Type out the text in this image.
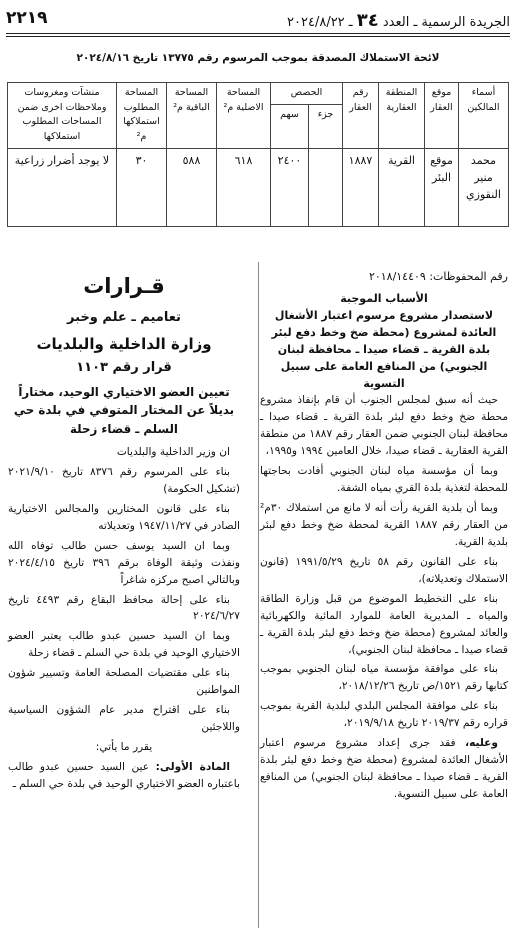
٢٢١٩	الجريدة الرسمية ـ العدد ٣٤ ـ ٢٠٢٤/٨/٢٢
لائحة الاستملاك المصدقة بموجب المرسوم رقم ١٣٧٧٥ تاريخ ٢٠٢٤/٨/١٦
أسماء المالكين	موقع العقار	المنطقة العقارية	رقم العقار	الحصص		المساحة الاصلية م²	المساحة الباقية م²	المساحة المطلوب استملاكها م²	منشآت ومغروسات وملاحظات اخرى ضمن المساحات المطلوب استملاكها
				جزء	سهم				
محمد منير النقوزي	موقع البئر	القرية	١٨٨٧		٢٤٠٠	٦١٨	٥٨٨	٣٠	لا يوجد أضرار زراعية
رقم المحفوظات: ٢٠١٨/١٤٤٠٩
الأسباب الموجبة
لاستصدار مشروع مرسوم اعتبار الأشغال العائدة لمشروع (محطة ضخ وخط دفع لبئر بلدة القرية ـ قضاء صيدا ـ محافظة لبنان الجنوبي) من المنافع العامة على سبيل التسوية

حيث أنه سبق لمجلس الجنوب أن قام بإنفاذ مشروع محطة ضخ وخط دفع لبئر بلدة القرية ـ قضاء صيدا ـ محافظة لبنان الجنوبي ضمن العقار رقم ١٨٨٧ من منطقة القرية العقارية ـ قضاء صيدا، خلال العامين ١٩٩٤ و١٩٩٥،

وبما أن مؤسسة مياه لبنان الجنوبي أفادت بحاجتها للمحطة لتغذية بلدة القري بمياه الشفة.

وبما أن بلدية القرية رأت أنه لا مانع من استملاك ٣٠م² من العقار رقم ١٨٨٧ القرية لمحطة ضخ وخط دفع لبئر بلدية القرية.

بناء على القانون رقم ٥٨ تاريخ ١٩٩١/٥/٢٩ (قانون الاستملاك وتعديلاته)،

بناء على التخطيط الموضوع من قبل وزارة الطاقة والمياه ـ المديرية العامة للموارد المائية والكهربائية والعائد لمشروع (محطة ضخ وخط دفع لبئر بلدة القرية ـ قضاء صيدا ـ محافظة لبنان الجنوبي)،

بناء على موافقة مؤسسة مياه لبنان الجنوبي بموجب كتابها رقم ١٥٢١/ص تاريخ ٢٠١٨/١٢/٢٦،

بناء على موافقة المجلس البلدي لبلدية القرية بموجب قراره رقم ٢٠١٩/٣٧ تاريخ ٢٠١٩/٩/١٨،

وعليه، فقد جرى إعداد مشروع مرسوم اعتبار الأشغال العائدة لمشروع (محطة ضخ وخط دفع لبئر بلدة القرية ـ قضاء صيدا ـ محافظة لبنان الجنوبي) من المنافع العامة على سبيل التسوية.

قـرارات
تعاميم ـ علم وخبر
وزارة الداخلية والبلديات
قرار رقم ١١٠٣
تعيين العضو الاختياري الوحيد، مختاراً بديلاً عن المختار المتوفي في بلدة حي السلم ـ قضاء زحلة

ان وزير الداخلية والبلديات

بناء على المرسوم رقم ٨٣٧٦ تاريخ ٢٠٢١/٩/١٠ (تشكيل الحكومة)

بناء على قانون المختارين والمجالس الاختيارية الصادر في ١٩٤٧/١١/٢٧ وتعديلاته

وبما ان السيد يوسف حسن طالب توفاه الله ونفذت وثيقة الوفاة برقم ٣٩٦ تاريخ ٢٠٢٤/٤/١٥ وبالتالي اصبح مركزه شاغراً

بناء على إحالة محافظ البقاع رقم ٤٤٩٣ تاريخ ٢٠٢٤/٦/٢٧

وبما ان السيد حسين عبدو طالب يعتبر العضو الاختياري الوحيد في بلدة حي السلم ـ قضاء زحلة

بناء على مقتضيات المصلحة العامة وتسيير شؤون المواطنين

بناء على اقتراح مدير عام الشؤون السياسية واللاجئين

يقرر ما يأتي:

المادة الأولى: عين السيد حسين عبدو طالب باعتباره العضو الاختياري الوحيد في بلدة حي السلم ـ
